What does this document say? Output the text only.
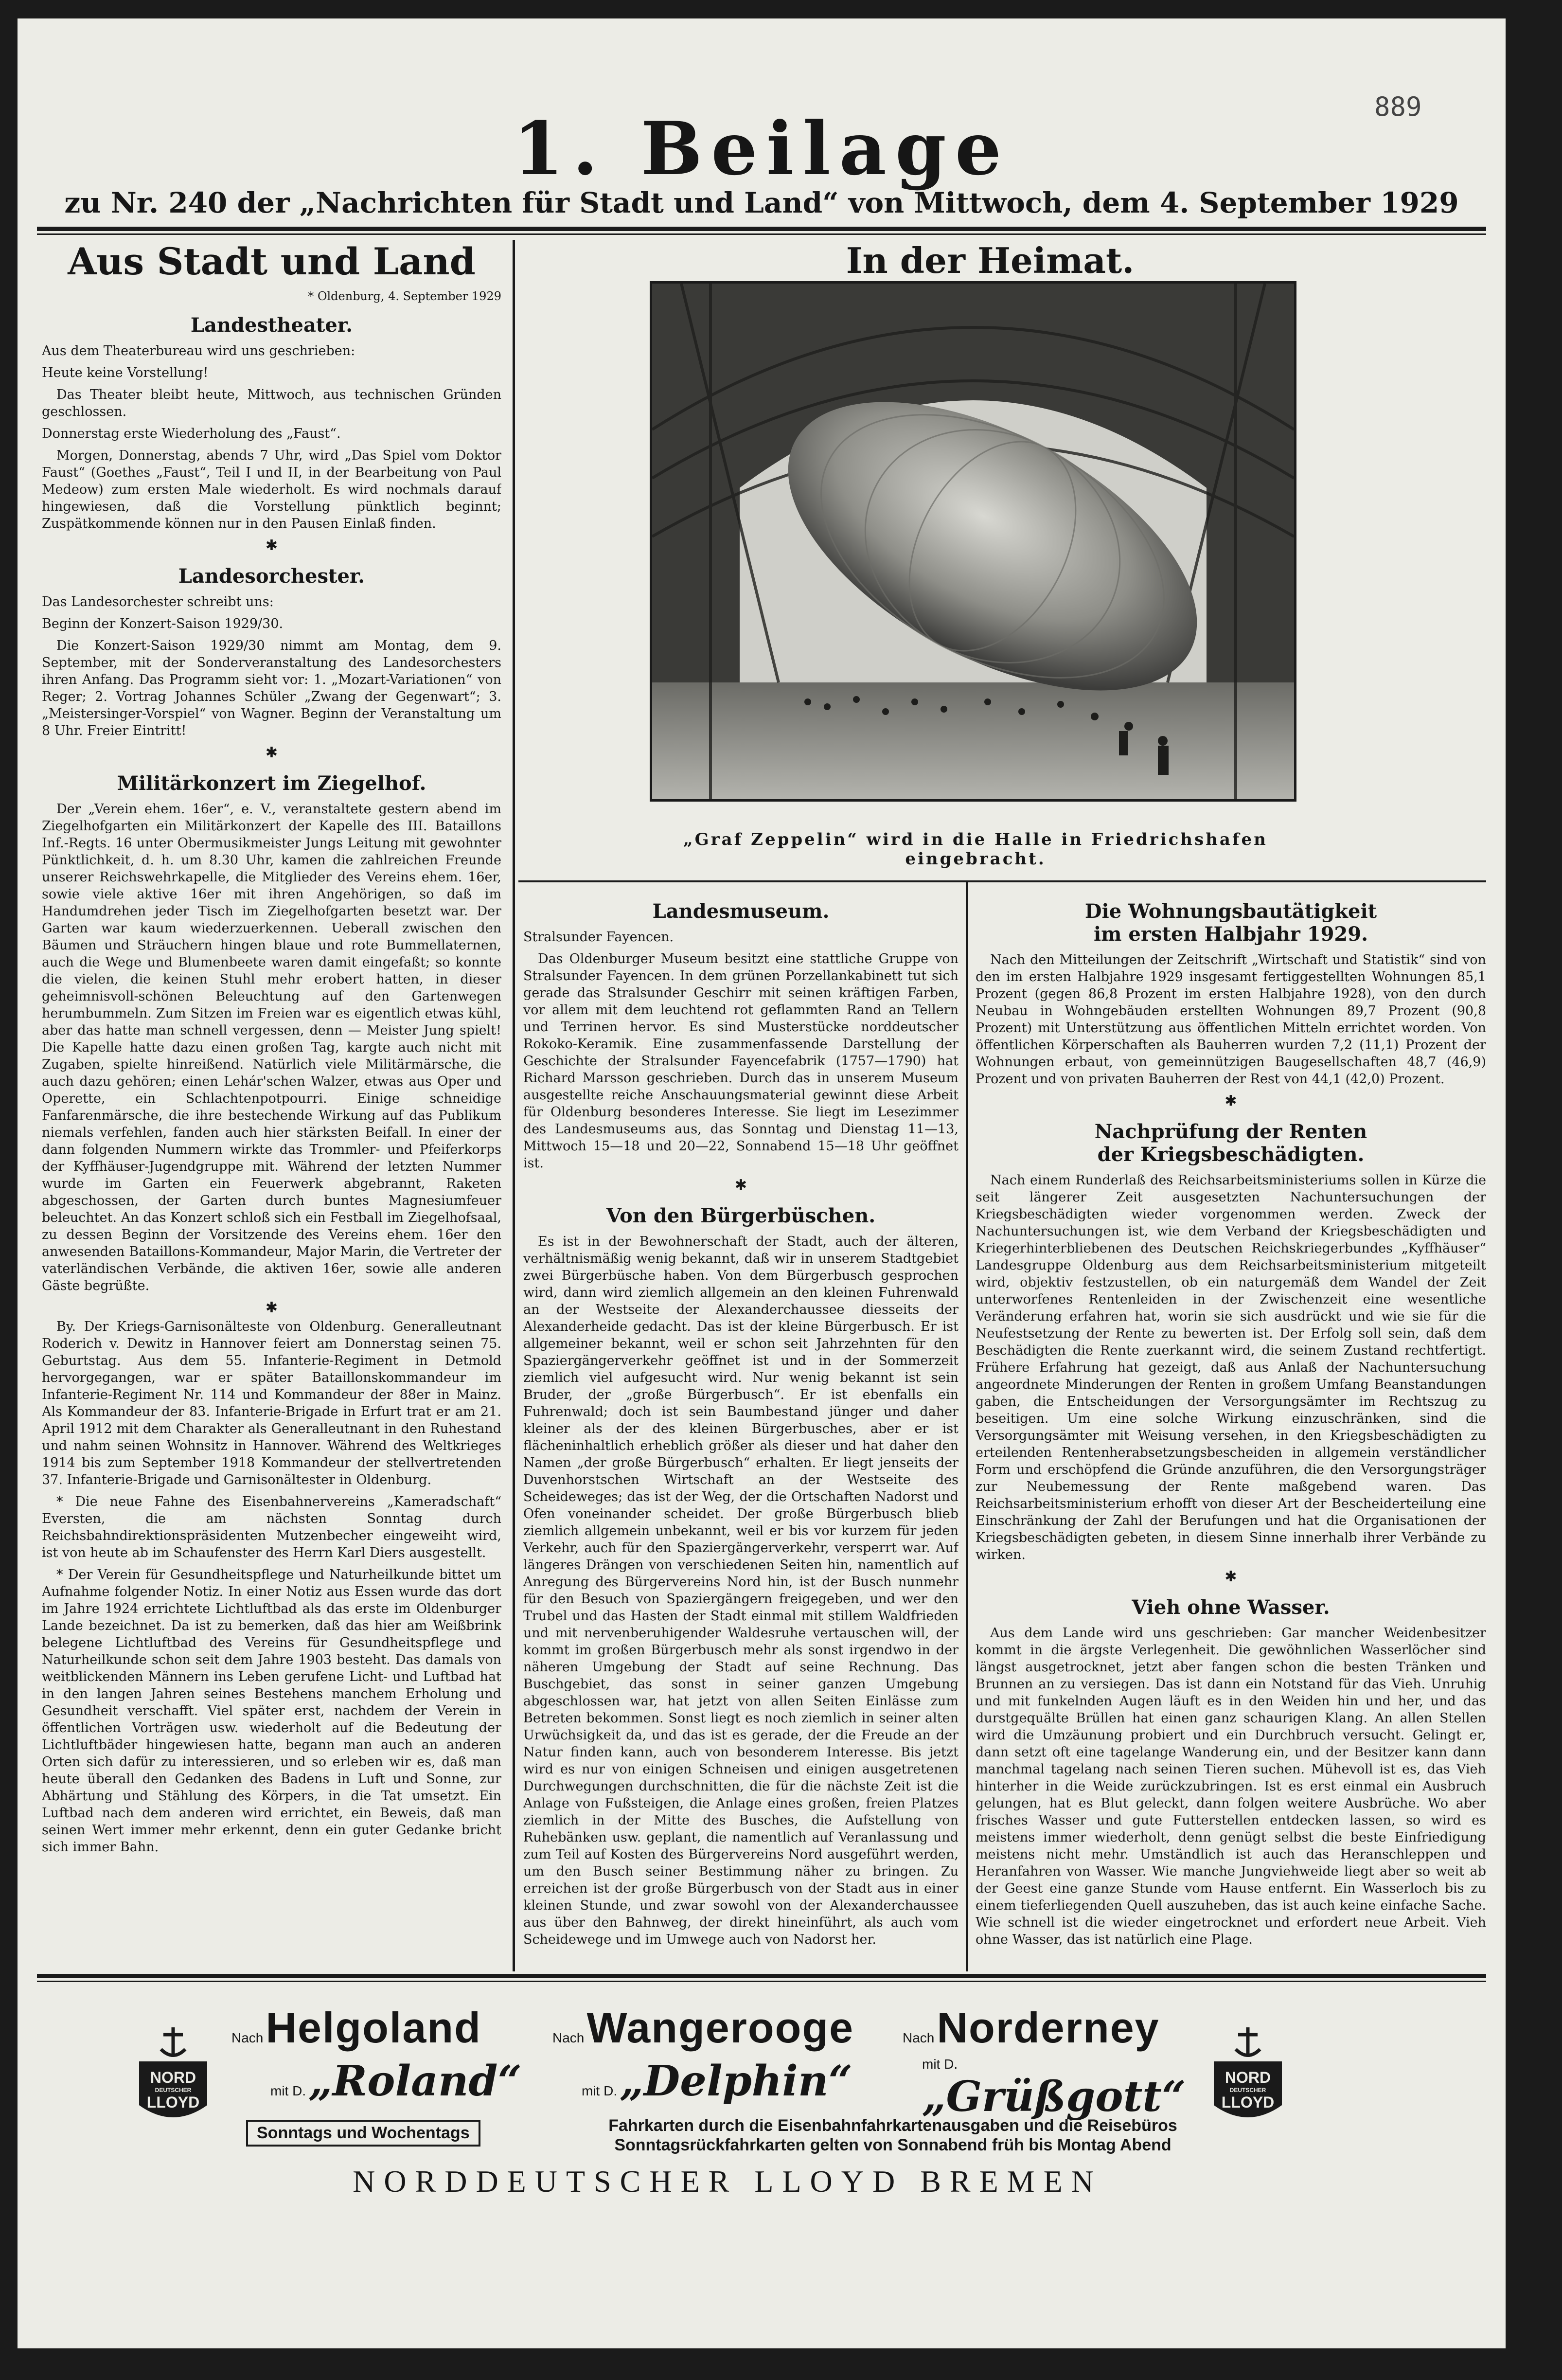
889
1. Beilage
zu Nr. 240 der „Nachrichten für Stadt und Land“ von Mittwoch, dem 4. September 1929
Aus Stadt und Land
* Oldenburg, 4. September 1929
Landestheater.

Aus dem Theaterbureau wird uns geschrieben:

Heute keine Vorstellung!

Das Theater bleibt heute, Mittwoch, aus technischen Gründen geschlossen.

Donnerstag erste Wiederholung des „Faust“.

Morgen, Donnerstag, abends 7 Uhr, wird „Das Spiel vom Doktor Faust“ (Goethes „Faust“, Teil I und II, in der Bearbeitung von Paul Medeow) zum ersten Male wiederholt. Es wird nochmals darauf hingewiesen, daß die Vorstellung pünktlich beginnt; Zuspätkommende können nur in den Pausen Einlaß finden.

✱
Landesorchester.

Das Landesorchester schreibt uns:

Beginn der Konzert-Saison 1929/30.

Die Konzert-Saison 1929/30 nimmt am Montag, dem 9. September, mit der Sonderveranstaltung des Landesorchesters ihren Anfang. Das Programm sieht vor: 1. „Mozart-Variationen“ von Reger; 2. Vortrag Johannes Schüler „Zwang der Gegenwart“; 3. „Meistersinger-Vorspiel“ von Wagner. Beginn der Veranstaltung um 8 Uhr. Freier Eintritt!

✱
Militärkonzert im Ziegelhof.

Der „Verein ehem. 16er“, e. V., veranstaltete gestern abend im Ziegelhofgarten ein Militärkonzert der Kapelle des III. Bataillons Inf.-Regts. 16 unter Obermusikmeister Jungs Leitung mit gewohnter Pünktlichkeit, d. h. um 8.30 Uhr, kamen die zahlreichen Freunde unserer Reichswehrkapelle, die Mitglieder des Vereins ehem. 16er, sowie viele aktive 16er mit ihren Angehörigen, so daß im Handumdrehen jeder Tisch im Ziegelhofgarten besetzt war. Der Garten war kaum wiederzuerkennen. Ueberall zwischen den Bäumen und Sträuchern hingen blaue und rote Bummellaternen, auch die Wege und Blumenbeete waren damit eingefaßt; so konnte die vielen, die keinen Stuhl mehr erobert hatten, in dieser geheimnisvoll-schönen Beleuchtung auf den Gartenwegen herumbummeln. Zum Sitzen im Freien war es eigentlich etwas kühl, aber das hatte man schnell vergessen, denn — Meister Jung spielt! Die Kapelle hatte dazu einen großen Tag, kargte auch nicht mit Zugaben, spielte hinreißend. Natürlich viele Militärmärsche, die auch dazu gehören; einen Lehár'schen Walzer, etwas aus Oper und Operette, ein Schlachtenpotpourri. Einige schneidige Fanfarenmärsche, die ihre bestechende Wirkung auf das Publikum niemals verfehlen, fanden auch hier stärksten Beifall. In einer der dann folgenden Nummern wirkte das Trommler- und Pfeiferkorps der Kyffhäuser-Jugendgruppe mit. Während der letzten Nummer wurde im Garten ein Feuerwerk abgebrannt, Raketen abgeschossen, der Garten durch buntes Magnesiumfeuer beleuchtet. An das Konzert schloß sich ein Festball im Ziegelhofsaal, zu dessen Beginn der Vorsitzende des Vereins ehem. 16er den anwesenden Bataillons-Kommandeur, Major Marin, die Vertreter der vaterländischen Verbände, die aktiven 16er, sowie alle anderen Gäste begrüßte.

✱

By. Der Kriegs-Garnisonälteste von Oldenburg. Generalleutnant Roderich v. Dewitz in Hannover feiert am Donnerstag seinen 75. Geburtstag. Aus dem 55. Infanterie-Regiment in Detmold hervorgegangen, war er später Bataillonskommandeur im Infanterie-Regiment Nr. 114 und Kommandeur der 88er in Mainz. Als Kommandeur der 83. Infanterie-Brigade in Erfurt trat er am 21. April 1912 mit dem Charakter als Generalleutnant in den Ruhestand und nahm seinen Wohnsitz in Hannover. Während des Weltkrieges 1914 bis zum September 1918 Kommandeur der stellvertretenden 37. Infanterie-Brigade und Garnisonältester in Oldenburg.

* Die neue Fahne des Eisenbahnervereins „Kameradschaft“ Eversten, die am nächsten Sonntag durch Reichsbahndirektionspräsidenten Mutzenbecher eingeweiht wird, ist von heute ab im Schaufenster des Herrn Karl Diers ausgestellt.

* Der Verein für Gesundheitspflege und Naturheilkunde bittet um Aufnahme folgender Notiz. In einer Notiz aus Essen wurde das dort im Jahre 1924 errichtete Lichtluftbad als das erste im Oldenburger Lande bezeichnet. Da ist zu bemerken, daß das hier am Weißbrink belegene Lichtluftbad des Vereins für Gesundheitspflege und Naturheilkunde schon seit dem Jahre 1903 besteht. Das damals von weitblickenden Männern ins Leben gerufene Licht- und Luftbad hat in den langen Jahren seines Bestehens manchem Erholung und Gesundheit verschafft. Viel später erst, nachdem der Verein in öffentlichen Vorträgen usw. wiederholt auf die Bedeutung der Lichtluftbäder hingewiesen hatte, begann man auch an anderen Orten sich dafür zu interessieren, und so erleben wir es, daß man heute überall den Gedanken des Badens in Luft und Sonne, zur Abhärtung und Stählung des Körpers, in die Tat umsetzt. Ein Luftbad nach dem anderen wird errichtet, ein Beweis, daß man seinen Wert immer mehr erkennt, denn ein guter Gedanke bricht sich immer Bahn.

In der Heimat.
„Graf Zeppelin“ wird in die Halle in Friedrichshafen eingebracht.
Landesmuseum.

Stralsunder Fayencen.

Das Oldenburger Museum besitzt eine stattliche Gruppe von Stralsunder Fayencen. In dem grünen Porzellankabinett tut sich gerade das Stralsunder Geschirr mit seinen kräftigen Farben, vor allem mit dem leuchtend rot geflammten Rand an Tellern und Terrinen hervor. Es sind Musterstücke norddeutscher Rokoko-Keramik. Eine zusammenfassende Darstellung der Geschichte der Stralsunder Fayencefabrik (1757—1790) hat Richard Marsson geschrieben. Durch das in unserem Museum ausgestellte reiche Anschauungsmaterial gewinnt diese Arbeit für Oldenburg besonderes Interesse. Sie liegt im Lesezimmer des Landesmuseums aus, das Sonntag und Dienstag 11—13, Mittwoch 15—18 und 20—22, Sonnabend 15—18 Uhr geöffnet ist.

✱
Von den Bürgerbüschen.

Es ist in der Bewohnerschaft der Stadt, auch der älteren, verhältnismäßig wenig bekannt, daß wir in unserem Stadtgebiet zwei Bürgerbüsche haben. Von dem Bürgerbusch gesprochen wird, dann wird ziemlich allgemein an den kleinen Fuhrenwald an der Westseite der Alexanderchaussee diesseits der Alexanderheide gedacht. Das ist der kleine Bürgerbusch. Er ist allgemeiner bekannt, weil er schon seit Jahrzehnten für den Spaziergängerverkehr geöffnet ist und in der Sommerzeit ziemlich viel aufgesucht wird. Nur wenig bekannt ist sein Bruder, der „große Bürgerbusch“. Er ist ebenfalls ein Fuhrenwald; doch ist sein Baumbestand jünger und daher kleiner als der des kleinen Bürgerbusches, aber er ist flächeninhaltlich erheblich größer als dieser und hat daher den Namen „der große Bürgerbusch“ erhalten. Er liegt jenseits der Duvenhorstschen Wirtschaft an der Westseite des Scheideweges; das ist der Weg, der die Ortschaften Nadorst und Ofen voneinander scheidet. Der große Bürgerbusch blieb ziemlich allgemein unbekannt, weil er bis vor kurzem für jeden Verkehr, auch für den Spaziergängerverkehr, versperrt war. Auf längeres Drängen von verschiedenen Seiten hin, namentlich auf Anregung des Bürgervereins Nord hin, ist der Busch nunmehr für den Besuch von Spaziergängern freigegeben, und wer den Trubel und das Hasten der Stadt einmal mit stillem Waldfrieden und mit nervenberuhigender Waldesruhe vertauschen will, der kommt im großen Bürgerbusch mehr als sonst irgendwo in der näheren Umgebung der Stadt auf seine Rechnung. Das Buschgebiet, das sonst in seiner ganzen Umgebung abgeschlossen war, hat jetzt von allen Seiten Einlässe zum Betreten bekommen. Sonst liegt es noch ziemlich in seiner alten Urwüchsigkeit da, und das ist es gerade, der die Freude an der Natur finden kann, auch von besonderem Interesse. Bis jetzt wird es nur von einigen Schneisen und einigen ausgetretenen Durchwegungen durchschnitten, die für die nächste Zeit ist die Anlage von Fußsteigen, die Anlage eines großen, freien Platzes ziemlich in der Mitte des Busches, die Aufstellung von Ruhebänken usw. geplant, die namentlich auf Veranlassung und zum Teil auf Kosten des Bürgervereins Nord ausgeführt werden, um den Busch seiner Bestimmung näher zu bringen. Zu erreichen ist der große Bürgerbusch von der Stadt aus in einer kleinen Stunde, und zwar sowohl von der Alexanderchaussee aus über den Bahnweg, der direkt hineinführt, als auch vom Scheidewege und im Umwege auch von Nadorst her.

Die Wohnungsbautätigkeit
im ersten Halbjahr 1929.

Nach den Mitteilungen der Zeitschrift „Wirtschaft und Statistik“ sind von den im ersten Halbjahre 1929 insgesamt fertiggestellten Wohnungen 85,1 Prozent (gegen 86,8 Prozent im ersten Halbjahre 1928), von den durch Neubau in Wohngebäuden erstellten Wohnungen 89,7 Prozent (90,8 Prozent) mit Unterstützung aus öffentlichen Mitteln errichtet worden. Von öffentlichen Körperschaften als Bauherren wurden 7,2 (11,1) Prozent der Wohnungen erbaut, von gemeinnützigen Baugesellschaften 48,7 (46,9) Prozent und von privaten Bauherren der Rest von 44,1 (42,0) Prozent.

✱
Nachprüfung der Renten
der Kriegsbeschädigten.

Nach einem Runderlaß des Reichsarbeitsministeriums sollen in Kürze die seit längerer Zeit ausgesetzten Nachuntersuchungen der Kriegsbeschädigten wieder vorgenommen werden. Zweck der Nachuntersuchungen ist, wie dem Verband der Kriegsbeschädigten und Kriegerhinterbliebenen des Deutschen Reichskriegerbundes „Kyffhäuser“ Landesgruppe Oldenburg aus dem Reichsarbeitsministerium mitgeteilt wird, objektiv festzustellen, ob ein naturgemäß dem Wandel der Zeit unterworfenes Rentenleiden in der Zwischenzeit eine wesentliche Veränderung erfahren hat, worin sie sich ausdrückt und wie sie für die Neufestsetzung der Rente zu bewerten ist. Der Erfolg soll sein, daß dem Beschädigten die Rente zuerkannt wird, die seinem Zustand rechtfertigt. Frühere Erfahrung hat gezeigt, daß aus Anlaß der Nachuntersuchung angeordnete Minderungen der Renten in großem Umfang Beanstandungen gaben, die Entscheidungen der Versorgungsämter im Rechtszug zu beseitigen. Um eine solche Wirkung einzuschränken, sind die Versorgungsämter mit Weisung versehen, in den Kriegsbeschädigten zu erteilenden Rentenherabsetzungsbescheiden in allgemein verständlicher Form und erschöpfend die Gründe anzuführen, die den Versorgungsträger zur Neubemessung der Rente maßgebend waren. Das Reichsarbeitsministerium erhofft von dieser Art der Bescheiderteilung eine Einschränkung der Zahl der Berufungen und hat die Organisationen der Kriegsbeschädigten gebeten, in diesem Sinne innerhalb ihrer Verbände zu wirken.

✱
Vieh ohne Wasser.

Aus dem Lande wird uns geschrieben: Gar mancher Weidenbesitzer kommt in die ärgste Verlegenheit. Die gewöhnlichen Wasserlöcher sind längst ausgetrocknet, jetzt aber fangen schon die besten Tränken und Brunnen an zu versiegen. Das ist dann ein Notstand für das Vieh. Unruhig und mit funkelnden Augen läuft es in den Weiden hin und her, und das durstgequälte Brüllen hat einen ganz schaurigen Klang. An allen Stellen wird die Umzäunung probiert und ein Durchbruch versucht. Gelingt er, dann setzt oft eine tagelange Wanderung ein, und der Besitzer kann dann manchmal tagelang nach seinen Tieren suchen. Mühevoll ist es, das Vieh hinterher in die Weide zurückzubringen. Ist es erst einmal ein Ausbruch gelungen, hat es Blut geleckt, dann folgen weitere Ausbrüche. Wo aber frisches Wasser und gute Futterstellen entdecken lassen, so wird es meistens immer wiederholt, denn genügt selbst die beste Einfriedigung meistens nicht mehr. Umständlich ist auch das Heranschleppen und Heranfahren von Wasser. Wie manche Jungviehweide liegt aber so weit ab der Geest eine ganze Stunde vom Hause entfernt. Ein Wasserloch bis zu einem tieferliegenden Quell auszuheben, das ist auch keine einfache Sache. Wie schnell ist die wieder eingetrocknet und erfordert neue Arbeit. Vieh ohne Wasser, das ist natürlich eine Plage.

NORD
DEUTSCHER
LLOYD
NORD
DEUTSCHER
LLOYD
Nach Helgoland
mit D. „Roland“
Nach Wangerooge
mit D. „Delphin“
Nach Norderney
mit D. „Grüßgott“
Sonntags und Wochentags	Fahrkarten durch die Eisenbahnfahrkartenausgaben und die Reisebüros
Sonntagsrückfahrkarten gelten von Sonnabend früh bis Montag Abend
NORDDEUTSCHER LLOYD BREMEN
